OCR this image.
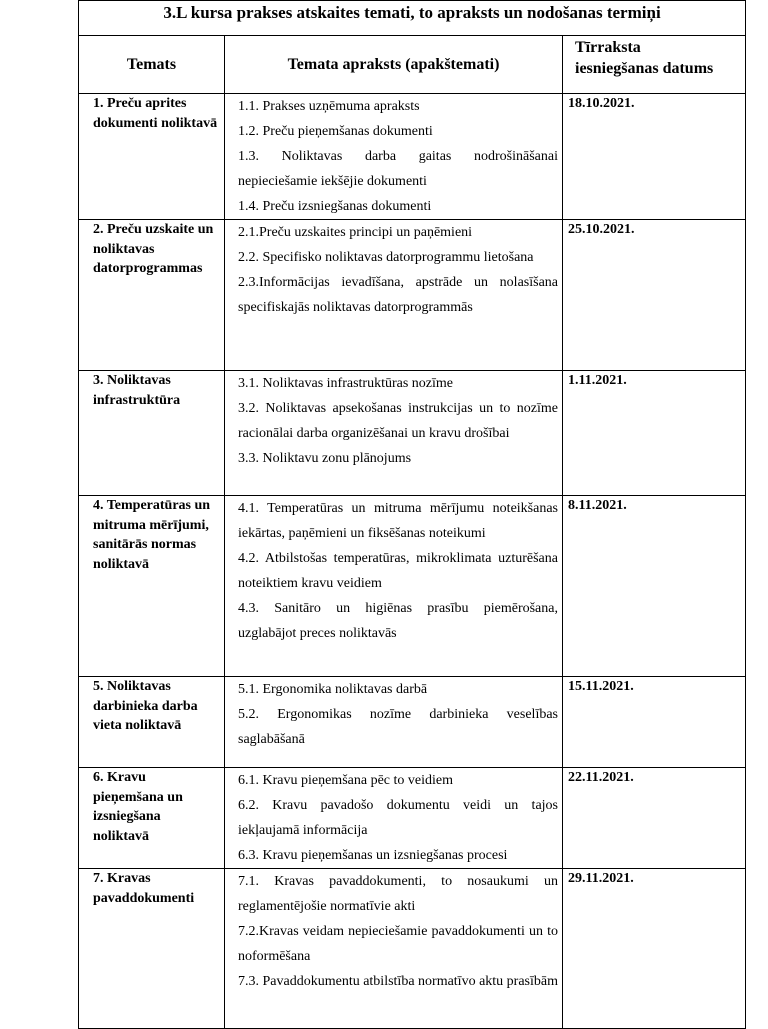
3.L kursa prakses atskaites temati, to apraksts un nodošanas termiņi		
Temats	Temata apraksts (apakštemati)	Tīrraksta
iesniegšanas datums
1. Preču aprites dokumenti noliktavā	1.1. Prakses uzņēmuma apraksts
1.2. Preču pieņemšanas dokumenti
1.3. Noliktavas darba gaitas nodrošināšanai nepieciešamie iekšējie dokumenti
1.4. Preču izsniegšanas dokumenti	18.10.2021.
2. Preču uzskaite un noliktavas datorprogrammas	2.1.Preču uzskaites principi un paņēmieni
2.2. Specifisko noliktavas datorprogrammu lietošana
2.3.Informācijas ievadīšana, apstrāde un nolasīšana specifiskajās noliktavas datorprogrammās	25.10.2021.
3. Noliktavas infrastruktūra	3.1. Noliktavas infrastruktūras nozīme
3.2. Noliktavas apsekošanas instrukcijas un to nozīme racionālai darba organizēšanai un kravu drošībai
3.3. Noliktavu zonu plānojums	1.11.2021.
4. Temperatūras un mitruma mērījumi, sanitārās normas noliktavā	4.1. Temperatūras un mitruma mērījumu noteikšanas iekārtas, paņēmieni un fiksēšanas noteikumi
4.2. Atbilstošas temperatūras, mikroklimata uzturēšana noteiktiem kravu veidiem
4.3. Sanitāro un higiēnas prasību piemērošana, uzglabājot preces noliktavās	8.11.2021.
5. Noliktavas darbinieka darba vieta noliktavā	5.1. Ergonomika noliktavas darbā
5.2. Ergonomikas nozīme darbinieka veselības saglabāšanā	15.11.2021.
6. Kravu pieņemšana un izsniegšana noliktavā	6.1. Kravu pieņemšana pēc to veidiem
6.2. Kravu pavadošo dokumentu veidi un tajos iekļaujamā informācija
6.3. Kravu pieņemšanas un izsniegšanas procesi	22.11.2021.
7. Kravas pavaddokumenti	7.1. Kravas pavaddokumenti, to nosaukumi un reglamentējošie normatīvie akti
7.2.Kravas veidam nepieciešamie pavaddokumenti un to noformēšana
7.3. Pavaddokumentu atbilstība normatīvo aktu prasībām	29.11.2021.
